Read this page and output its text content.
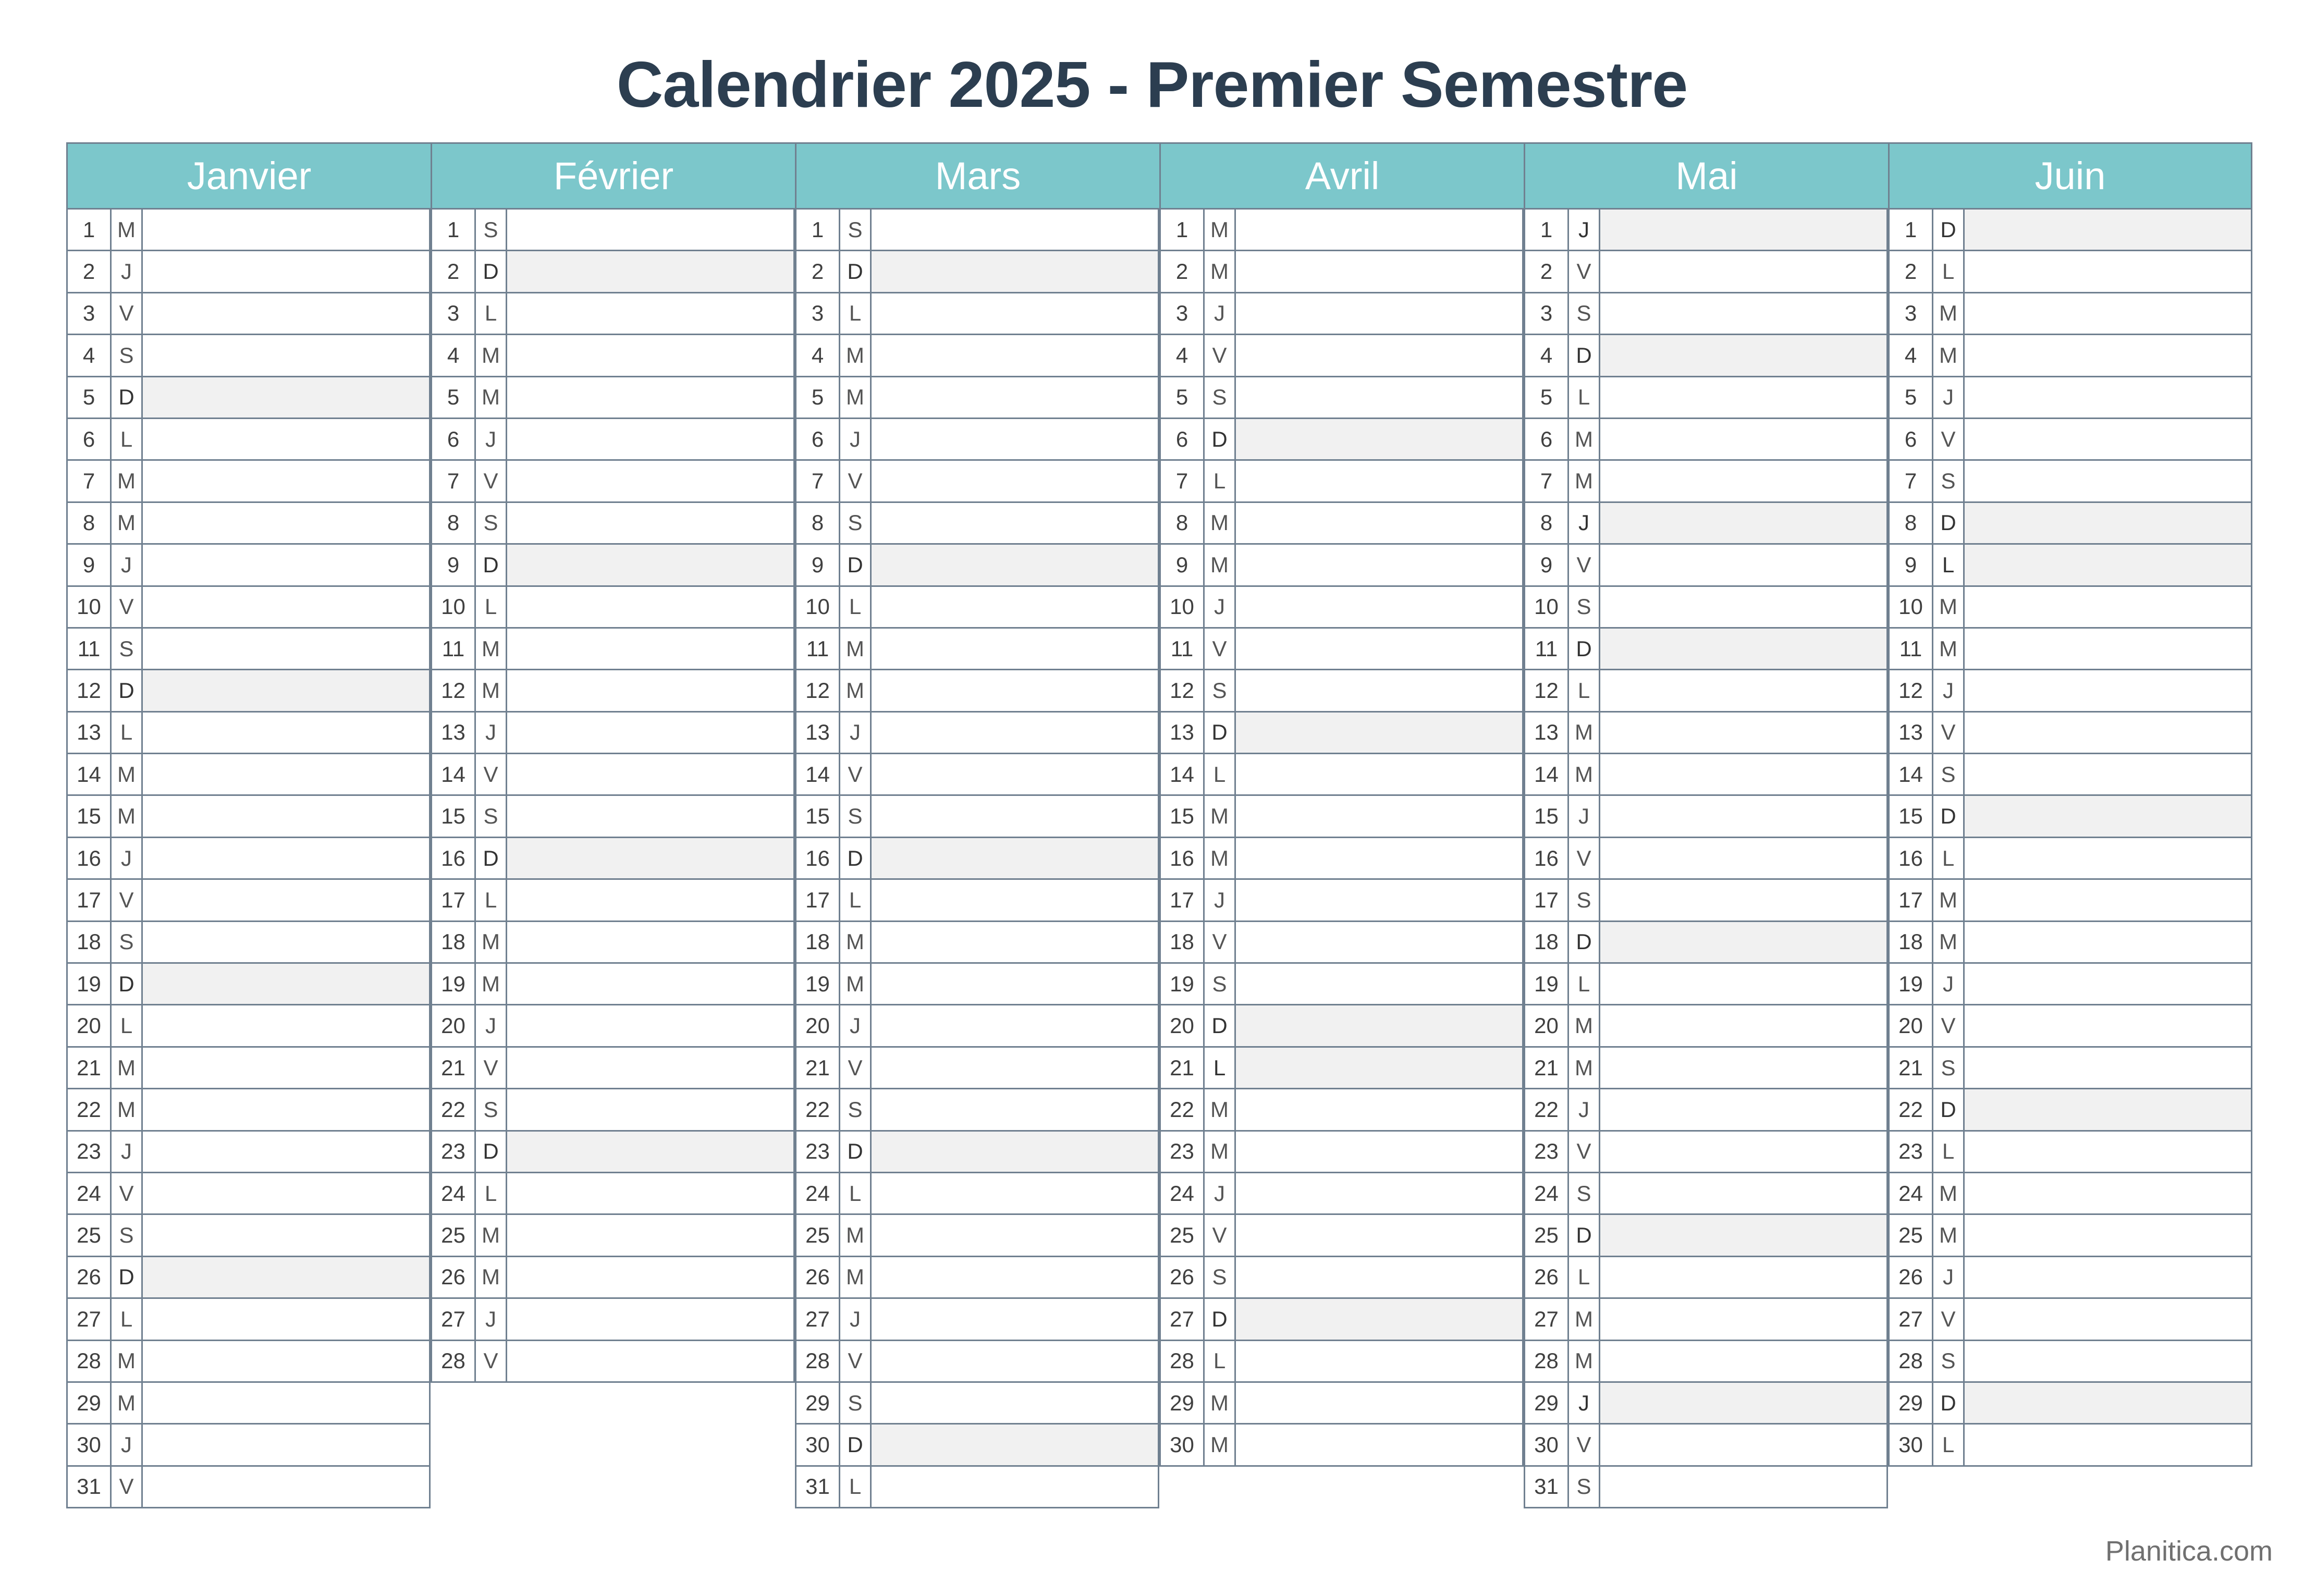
Calendrier 2025 - Premier Semestre
Janvier
1	M
2	J
3	V
4	S
5	D
6	L
7	M
8	M
9	J
10 V
11 S
12 D
13 L
14 M
15 M
16 J
17 V
18 S
19 D
20 L
21 M
22 M
23 J
24 V
25 S
26 D
27 L
28 M
29 M
30 J
31 V
Février
1	S
2	D
3	L
4	M
5	M
6	J
7	V
8	S
9	D
10 L
11 M
12 M
13 J
14 V
15 S
16 D
17 L
18 M
19 M
20 J
21 V
22 S
23 D
24 L
25 M
26 M
27 J
28 V
Mars
1	S
2	D
3	L
4	M
5	M
6	J
7	V
8	S
9	D
10 L
11 M
12 M
13 J
14 V
15 S
16 D
17 L
18 M
19 M
20 J
21 V
22 S
23 D
24 L
25 M
26 M
27 J
28 V
29 S
30 D
31 L
Avril
1	M
2	M
3	J
4	V
5	S
6	D
7	L
8	M
9	M
10 J
11 V
12 S
13 D
14 L
15 M
16 M
17 J
18 V
19 S
20 D
21 L
22 M
23 M
24 J
25 V
26 S
27 D
28 L
29 M
30 M
Mai
1	J
2	V
3	S
4	D
5	L
6	M
7	M
8	J
9	V
10 S
11 D
12 L
13 M
14 M
15 J
16 V
17 S
18 D
19 L
20 M
21 M
22 J
23 V
24 S
25 D
26 L
27 M
28 M
29 J
30 V
31 S
Juin
1	D
2	L
3	M
4	M
5	J
6	V
7	S
8	D
9	L
10 M
11 M
12 J
13 V
14 S
15 D
16 L
17 M
18 M
19 J
20 V
21 S
22 D
23 L
24 M
25 M
26 J
27 V
28 S
29 D
30 L
Planitica.com
